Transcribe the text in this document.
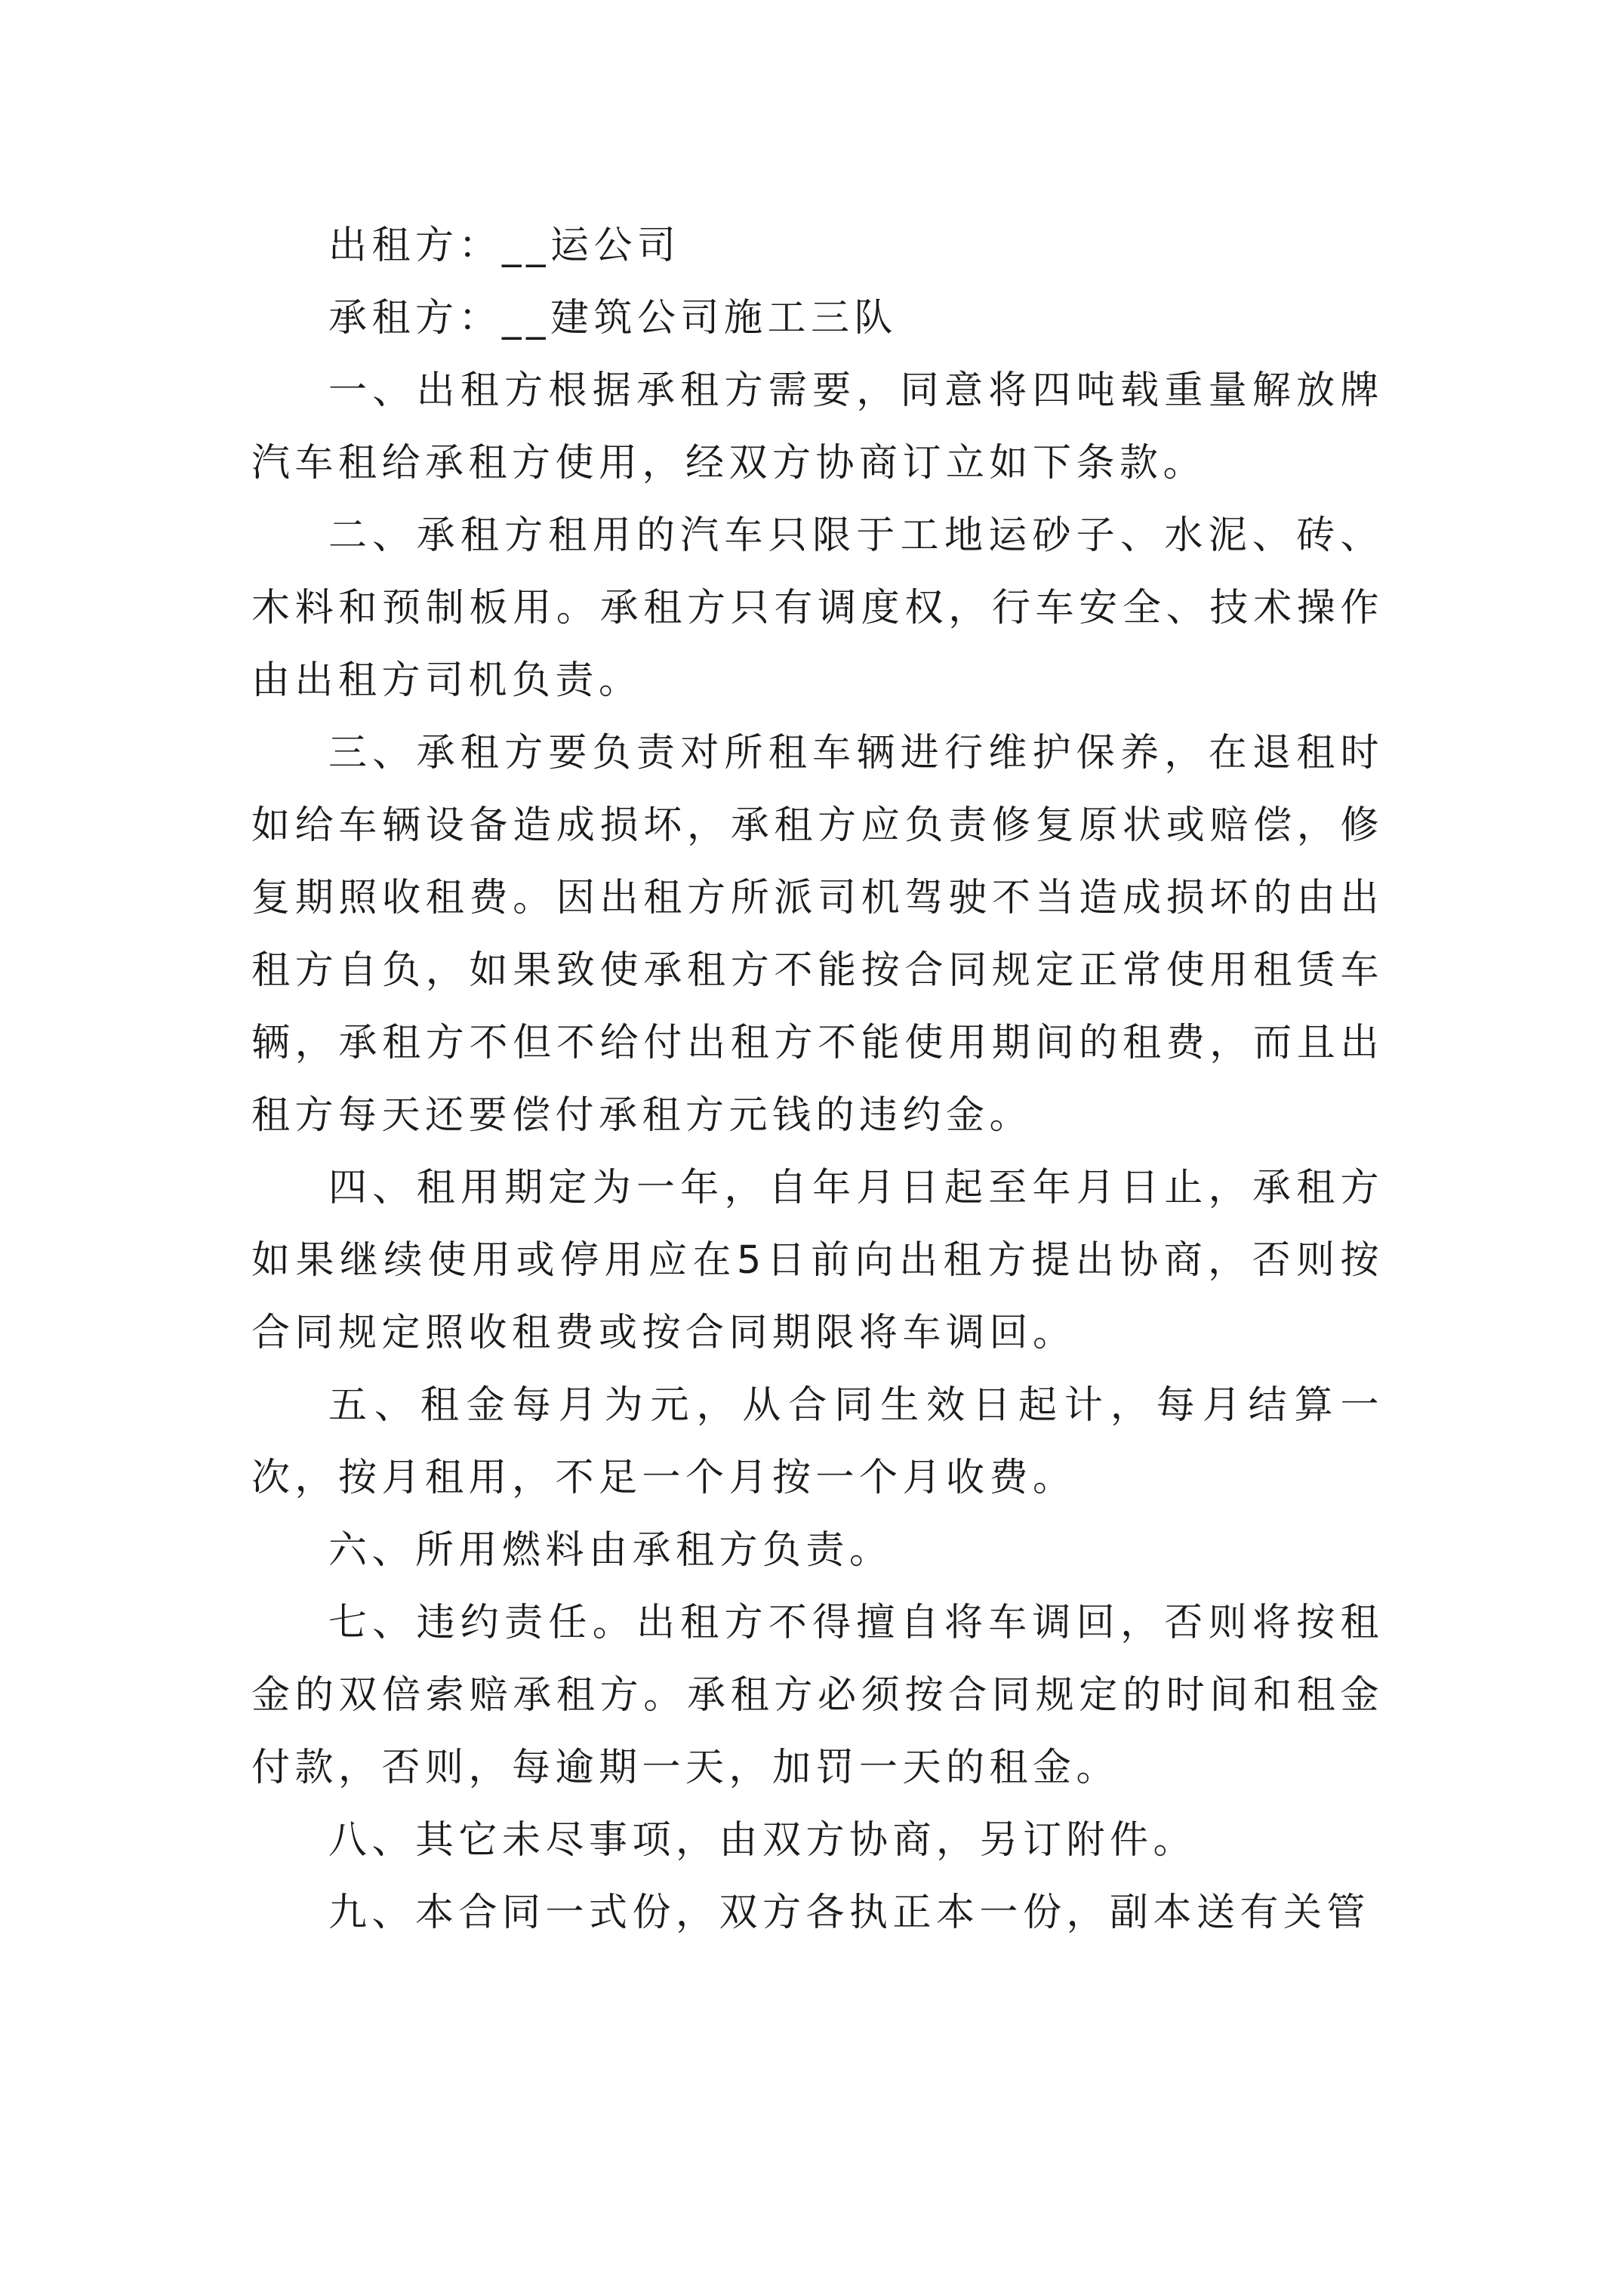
出租方：__运公司

承租方：__建筑公司施工三队

一、出租方根据承租方需要，同意将四吨载重量解放牌汽车租给承租方使用，经双方协商订立如下条款。

二、承租方租用的汽车只限于工地运砂子、水泥、砖、木料和预制板用。承租方只有调度权，行车安全、技术操作由出租方司机负责。

三、承租方要负责对所租车辆进行维护保养，在退租时如给车辆设备造成损坏，承租方应负责修复原状或赔偿，修复期照收租费。因出租方所派司机驾驶不当造成损坏的由出租方自负，如果致使承租方不能按合同规定正常使用租赁车辆，承租方不但不给付出租方不能使用期间的租费，而且出租方每天还要偿付承租方元钱的违约金。

四、租用期定为一年，自年月日起至年月日止，承租方如果继续使用或停用应在5日前向出租方提出协商，否则按合同规定照收租费或按合同期限将车调回。

五、租金每月为元，从合同生效日起计，每月结算一次，按月租用，不足一个月按一个月收费。

六、所用燃料由承租方负责。

七、违约责任。出租方不得擅自将车调回，否则将按租金的双倍索赔承租方。承租方必须按合同规定的时间和租金付款，否则，每逾期一天，加罚一天的租金。

八、其它未尽事项，由双方协商，另订附件。

九、本合同一式份，双方各执正本一份，副本送有关管
